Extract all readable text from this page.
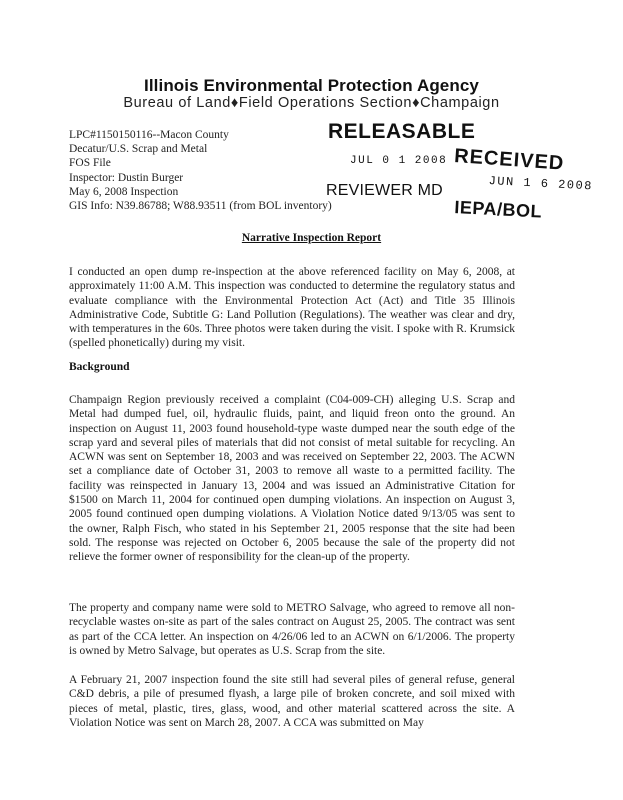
Illinois Environmental Protection Agency
Bureau of Land♦Field Operations Section♦Champaign
LPC#1150150116--Macon County
Decatur/U.S. Scrap and Metal
FOS File
Inspector: Dustin Burger
May 6, 2008 Inspection
GIS Info: N39.86788; W88.93511 (from BOL inventory)
RELEASABLE
JUL 0 1 2008
REVIEWER MD
RECEIVED
JUN 1 6 2008
IEPA/BOL
Narrative Inspection Report
I conducted an open dump re-inspection at the above referenced facility on May 6, 2008, at approximately 11:00 A.M. This inspection was conducted to determine the regulatory status and evaluate compliance with the Environmental Protection Act (Act) and Title 35 Illinois Administrative Code, Subtitle G: Land Pollution (Regulations). The weather was clear and dry, with temperatures in the 60s. Three photos were taken during the visit. I spoke with R. Krumsick (spelled phonetically) during my visit.
Background
Champaign Region previously received a complaint (C04-009-CH) alleging U.S. Scrap and Metal had dumped fuel, oil, hydraulic fluids, paint, and liquid freon onto the ground. An inspection on August 11, 2003 found household-type waste dumped near the south edge of the scrap yard and several piles of materials that did not consist of metal suitable for recycling. An ACWN was sent on September 18, 2003 and was received on September 22, 2003. The ACWN set a compliance date of October 31, 2003 to remove all waste to a permitted facility. The facility was reinspected in January 13, 2004 and was issued an Administrative Citation for $1500 on March 11, 2004 for continued open dumping violations. An inspection on August 3, 2005 found continued open dumping violations. A Violation Notice dated 9/13/05 was sent to the owner, Ralph Fisch, who stated in his September 21, 2005 response that the site had been sold. The response was rejected on October 6, 2005 because the sale of the property did not relieve the former owner of responsibility for the clean-up of the property.
The property and company name were sold to METRO Salvage, who agreed to remove all non-recyclable wastes on-site as part of the sales contract on August 25, 2005. The contract was sent as part of the CCA letter. An inspection on 4/26/06 led to an ACWN on 6/1/2006. The property is owned by Metro Salvage, but operates as U.S. Scrap from the site.
A February 21, 2007 inspection found the site still had several piles of general refuse, general C&D debris, a pile of presumed flyash, a large pile of broken concrete, and soil mixed with pieces of metal, plastic, tires, glass, wood, and other material scattered across the site. A Violation Notice was sent on March 28, 2007. A CCA was submitted on May
